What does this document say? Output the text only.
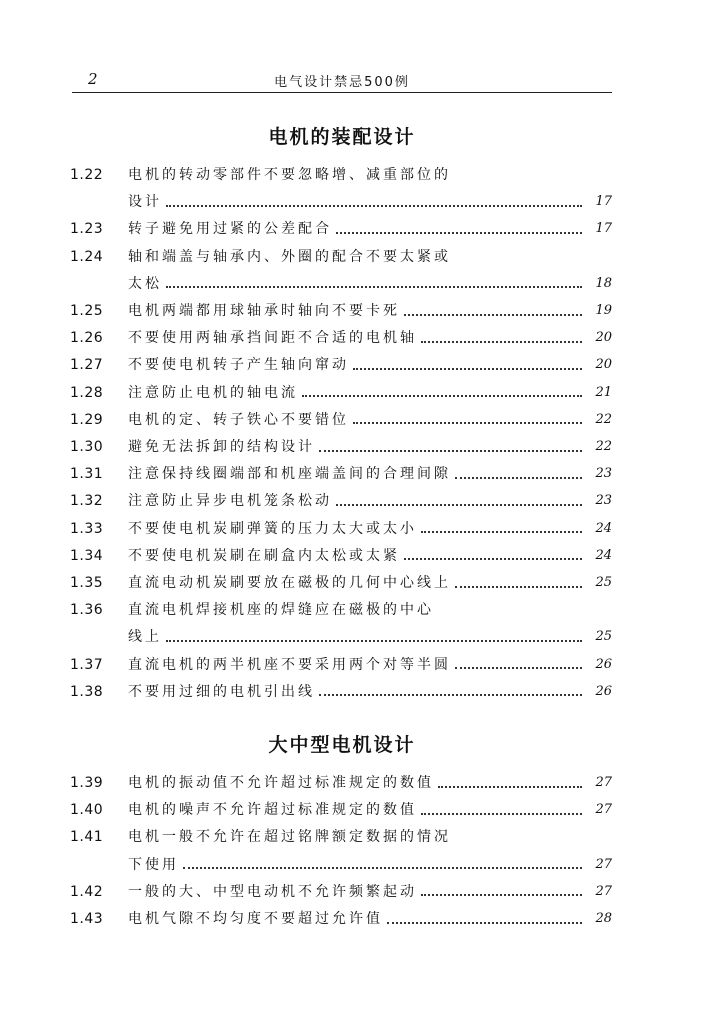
2	电气设计禁忌500例
电机的装配设计
1.22	电机的转动零部件不要忽略增、减重部位的
设计	17
1.23	转子避免用过紧的公差配合	17
1.24	轴和端盖与轴承内、外圈的配合不要太紧或
太松	18
1.25	电机两端都用球轴承时轴向不要卡死	19
1.26	不要使用两轴承挡间距不合适的电机轴	20
1.27	不要使电机转子产生轴向窜动	20
1.28	注意防止电机的轴电流	21
1.29	电机的定、转子铁心不要错位	22
1.30	避免无法拆卸的结构设计	22
1.31	注意保持线圈端部和机座端盖间的合理间隙	23
1.32	注意防止异步电机笼条松动	23
1.33	不要使电机炭刷弹簧的压力太大或太小	24
1.34	不要使电机炭刷在刷盒内太松或太紧	24
1.35	直流电动机炭刷要放在磁极的几何中心线上	25
1.36	直流电机焊接机座的焊缝应在磁极的中心
线上	25
1.37	直流电机的两半机座不要采用两个对等半圆	26
1.38	不要用过细的电机引出线	26
大中型电机设计
1.39	电机的振动值不允许超过标准规定的数值	27
1.40	电机的噪声不允许超过标准规定的数值	27
1.41	电机一般不允许在超过铭牌额定数据的情况
下使用	27
1.42	一般的大、中型电动机不允许频繁起动	27
1.43	电机气隙不均匀度不要超过允许值	28
